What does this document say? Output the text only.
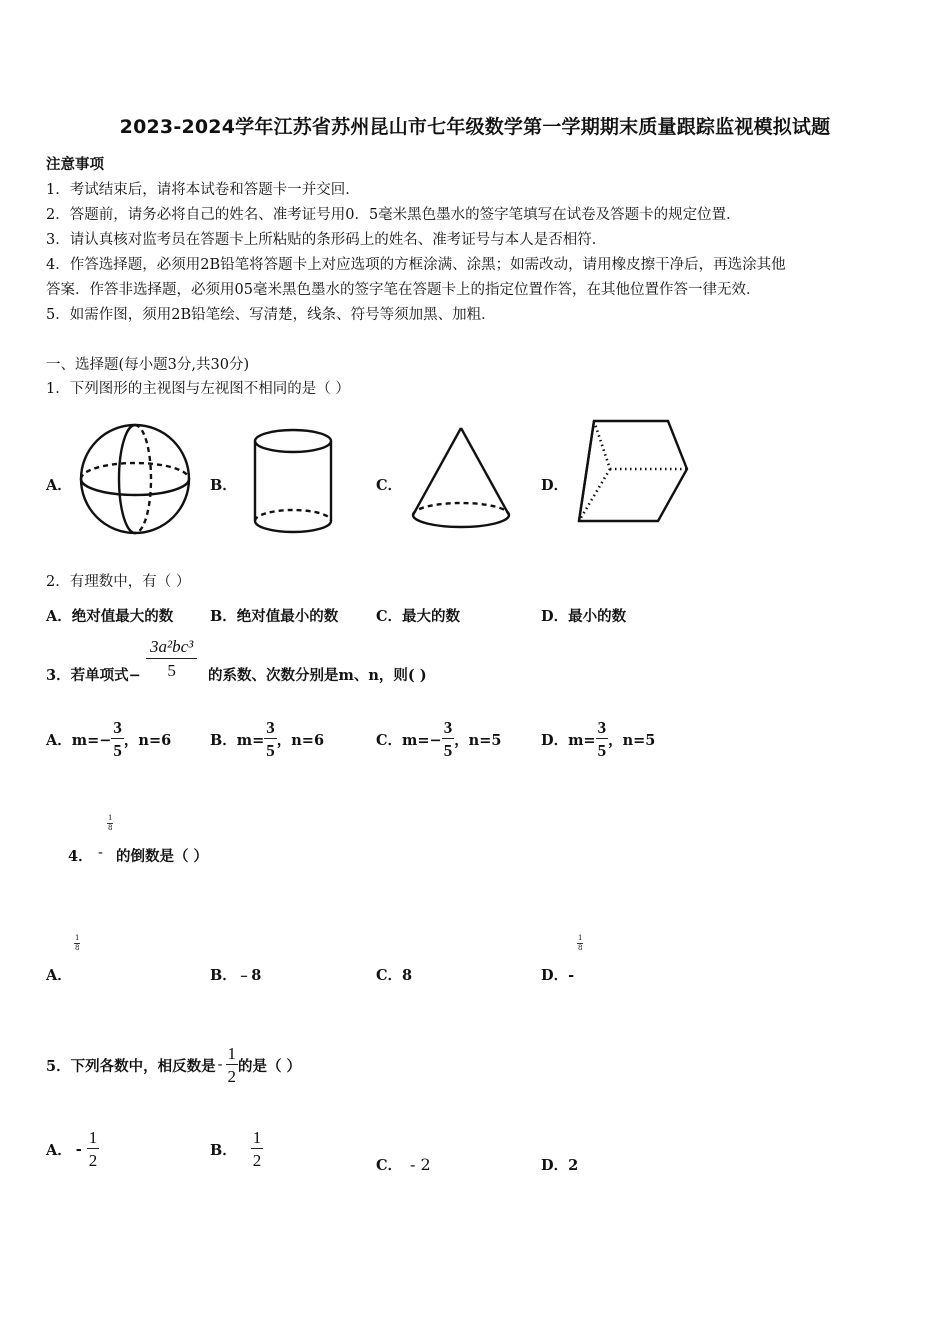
2023-2024学年江苏省苏州昆山市七年级数学第一学期期末质量跟踪监视模拟试题
注意事项
1．考试结束后，请将本试卷和答题卡一并交回．
2．答题前，请务必将自己的姓名、准考证号用0．5毫米黑色墨水的签字笔填写在试卷及答题卡的规定位置．
3．请认真核对监考员在答题卡上所粘贴的条形码上的姓名、准考证号与本人是否相符．
4．作答选择题，必须用2B铅笔将答题卡上对应选项的方框涂满、涂黑；如需改动，请用橡皮擦干净后，再选涂其他
答案．作答非选择题，必须用05毫米黑色墨水的签字笔在答题卡上的指定位置作答，在其他位置作答一律无效．
5．如需作图，须用2B铅笔绘、写清楚，线条、符号等须加黑、加粗．
一、选择题(每小题3分,共30分)
1．下列图形的主视图与左视图不相同的是（ ）
A．	B．	C．	D．
2．有理数中，有（ ）
A．绝对值最大的数	B．绝对值最小的数	C．最大的数	D．最小的数
3．若单项式− $\frac{\text{3a²bc³}}{5}$ 的系数、次数分别是m、n，则( )
A．$m=- \frac{3}{5}$ ，n=6	B．$m= \frac{3}{5}$ ，n=6	C．$m=- \frac{3}{5}$ ，n=5	D．$m= \frac{3}{5}$ ，n=5
$\frac{1}{8}$
4． - 的倒数是（ ）
$\frac{1}{8}$
A．	B．﹣8	C．8
$\frac{1}{8}$
D．-
5．下列各数中，相反数是 - $\frac{1}{2}$ 的是（ ）
A． - $\frac{1}{2}$	B． $\frac{1}{2}$	C． - 2	D．2
